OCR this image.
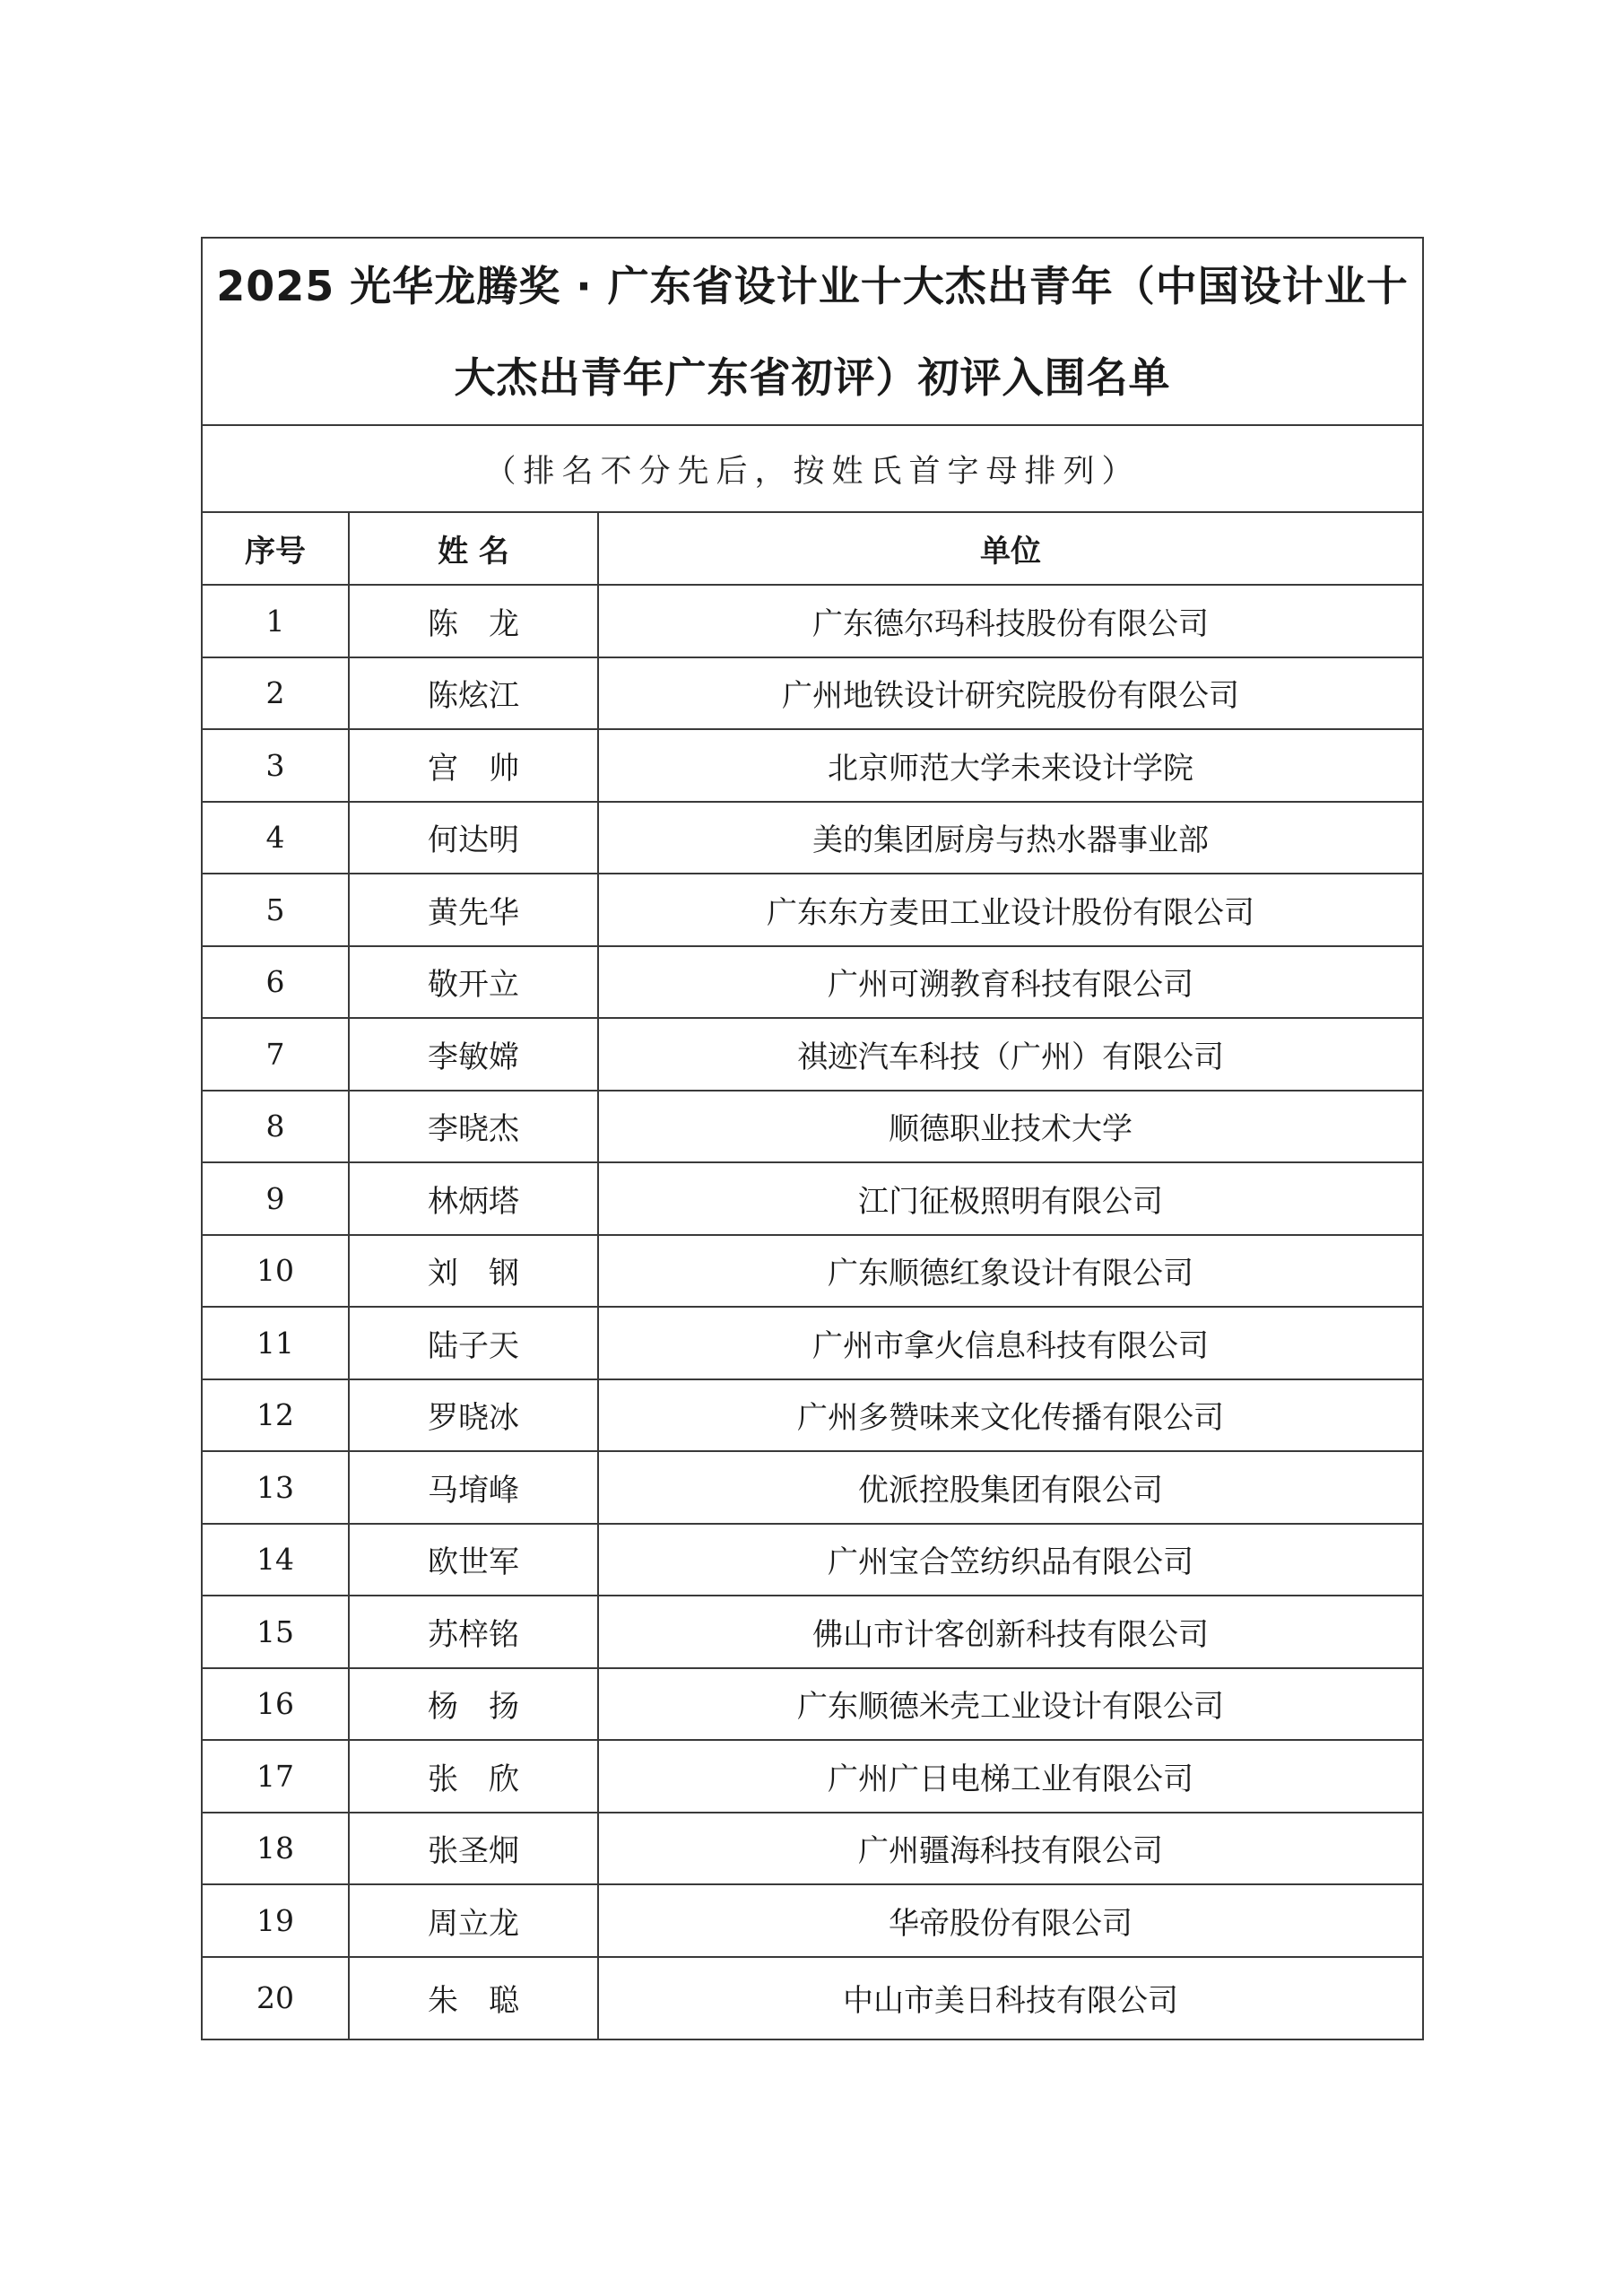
2025 光华龙腾奖 · 广东省设计业十大杰出青年（中国设计业十
大杰出青年广东省初评）初评入围名单		

（排名不分先后，按姓氏首字母排列）		
序号	姓 名	单位
1	陈　龙	广东德尔玛科技股份有限公司
2	陈炫江	广州地铁设计研究院股份有限公司
3	宫　帅	北京师范大学未来设计学院
4	何达明	美的集团厨房与热水器事业部
5	黄先华	广东东方麦田工业设计股份有限公司
6	敬开立	广州可溯教育科技有限公司
7	李敏嫦	祺迹汽车科技（广州）有限公司
8	李晓杰	顺德职业技术大学
9	林炳塔	江门征极照明有限公司
10	刘　钢	广东顺德红象设计有限公司
11	陆子天	广州市拿火信息科技有限公司
12	罗晓冰	广州多赞味来文化传播有限公司
13	马堉峰	优派控股集团有限公司
14	欧世军	广州宝合笠纺织品有限公司
15	苏梓铭	佛山市计客创新科技有限公司
16	杨　扬	广东顺德米壳工业设计有限公司
17	张　欣	广州广日电梯工业有限公司
18	张圣炯	广州疆海科技有限公司
19	周立龙	华帝股份有限公司
20	朱　聪	中山市美日科技有限公司
